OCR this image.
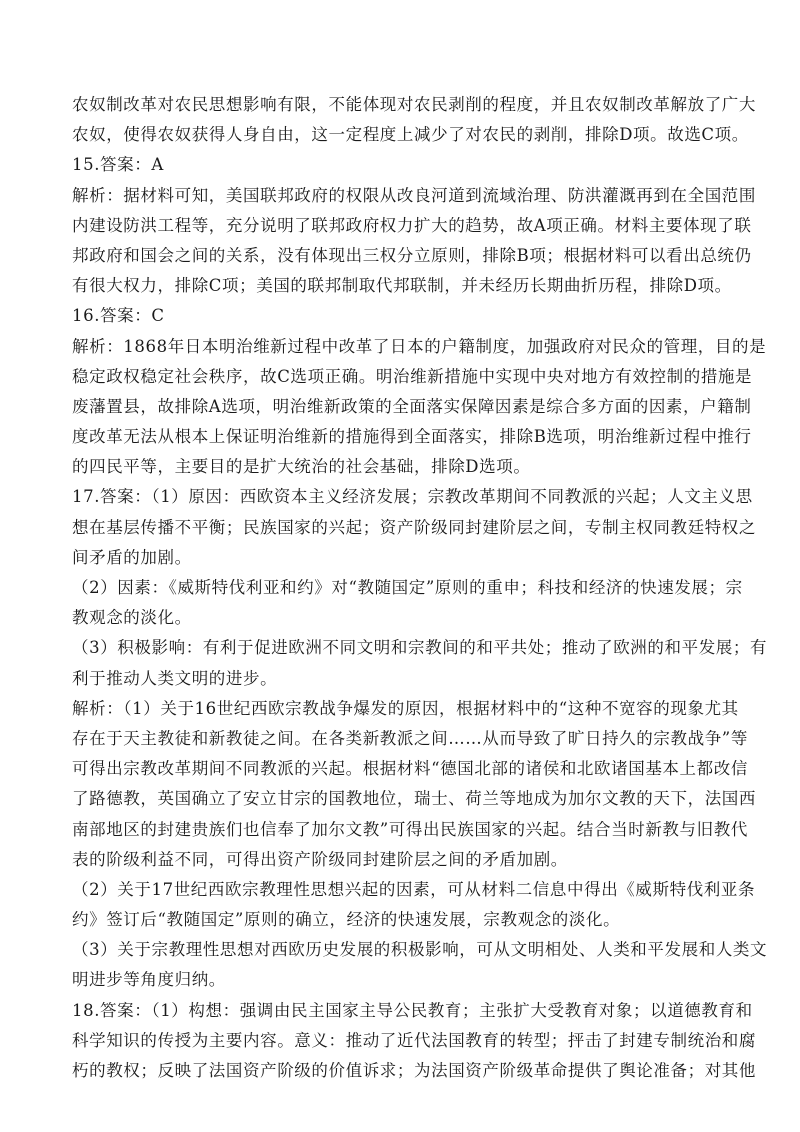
农奴制改革对农民思想影响有限，不能体现对农民剥削的程度，并且农奴制改革解放了广大
农奴，使得农奴获得人身自由，这一定程度上减少了对农民的剥削，排除D项。故选C项。
15.答案：A
解析：据材料可知，美国联邦政府的权限从改良河道到流域治理、防洪灌溉再到在全国范围
内建设防洪工程等，充分说明了联邦政府权力扩大的趋势，故A项正确。材料主要体现了联
邦政府和国会之间的关系，没有体现出三权分立原则，排除B项；根据材料可以看出总统仍
有很大权力，排除C项；美国的联邦制取代邦联制，并未经历长期曲折历程，排除D项。
16.答案：C
解析：1868年日本明治维新过程中改革了日本的户籍制度，加强政府对民众的管理，目的是
稳定政权稳定社会秩序，故C选项正确。明治维新措施中实现中央对地方有效控制的措施是
废藩置县，故排除A选项，明治维新政策的全面落实保障因素是综合多方面的因素，户籍制
度改革无法从根本上保证明治维新的措施得到全面落实，排除B选项，明治维新过程中推行
的四民平等，主要目的是扩大统治的社会基础，排除D选项。
17.答案：（1）原因：西欧资本主义经济发展；宗教改革期间不同教派的兴起；人文主义思
想在基层传播不平衡；民族国家的兴起；资产阶级同封建阶层之间，专制主权同教廷特权之
间矛盾的加剧。
（2）因素：《威斯特伐利亚和约》对“教随国定”原则的重申；科技和经济的快速发展；宗
教观念的淡化。
（3）积极影响：有利于促进欧洲不同文明和宗教间的和平共处；推动了欧洲的和平发展；有
利于推动人类文明的进步。
解析：（1）关于16世纪西欧宗教战争爆发的原因，根据材料中的“这种不宽容的现象尤其
存在于天主教徒和新教徒之间。在各类新教派之间……从而导致了旷日持久的宗教战争”等
可得出宗教改革期间不同教派的兴起。根据材料“德国北部的诸侯和北欧诸国基本上都改信
了路德教，英国确立了安立甘宗的国教地位，瑞士、荷兰等地成为加尔文教的天下，法国西
南部地区的封建贵族们也信奉了加尔文教”可得出民族国家的兴起。结合当时新教与旧教代
表的阶级利益不同，可得出资产阶级同封建阶层之间的矛盾加剧。
（2）关于17世纪西欧宗教理性思想兴起的因素，可从材料二信息中得出《威斯特伐利亚条
约》签订后“教随国定”原则的确立，经济的快速发展，宗教观念的淡化。
（3）关于宗教理性思想对西欧历史发展的积极影响，可从文明相处、人类和平发展和人类文
明进步等角度归纳。
18.答案：（1）构想：强调由民主国家主导公民教育；主张扩大受教育对象；以道德教育和
科学知识的传授为主要内容。意义：推动了近代法国教育的转型；抨击了封建专制统治和腐
朽的教权；反映了法国资产阶级的价值诉求；为法国资产阶级革命提供了舆论准备；对其他
